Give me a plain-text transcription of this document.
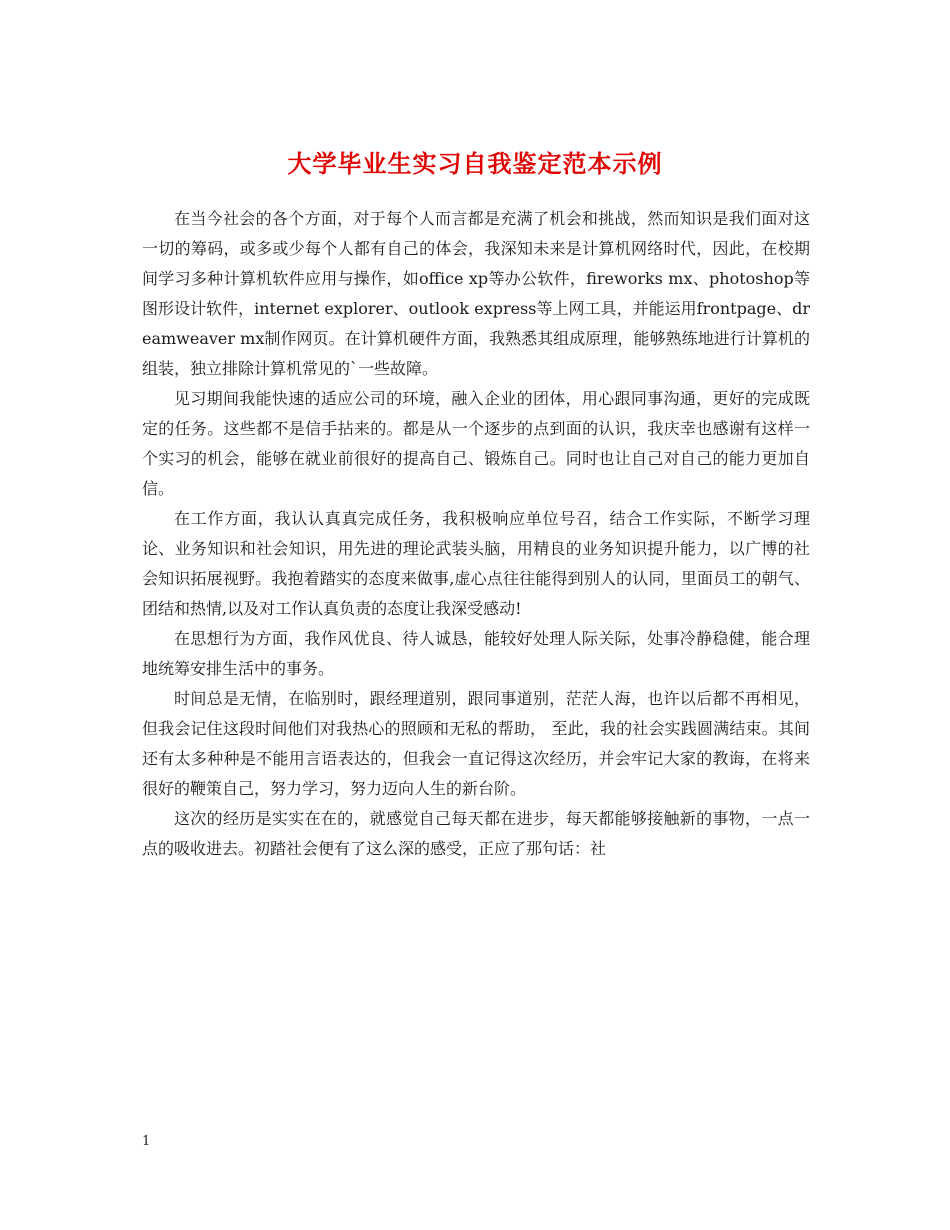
大学毕业生实习自我鉴定范本示例

在当今社会的各个方面，对于每个人而言都是充满了机会和挑战，然而知识是我们面对这一切的筹码，或多或少每个人都有自己的体会，我深知未来是计算机网络时代，因此，在校期间学习多种计算机软件应用与操作，如office xp等办公软件，fireworks mx、photoshop等图形设计软件，internet explorer、outlook express等上网工具，并能运用frontpage、dreamweaver mx制作网页。在计算机硬件方面，我熟悉其组成原理，能够熟练地进行计算机的组装，独立排除计算机常见的`一些故障。

见习期间我能快速的适应公司的环境，融入企业的团体，用心跟同事沟通，更好的完成既定的任务。这些都不是信手拈来的。都是从一个逐步的点到面的认识，我庆幸也感谢有这样一个实习的机会，能够在就业前很好的提高自己、锻炼自己。同时也让自己对自己的能力更加自信。

在工作方面，我认认真真完成任务，我积极响应单位号召，结合工作实际，不断学习理论、业务知识和社会知识，用先进的理论武装头脑，用精良的业务知识提升能力，以广博的社会知识拓展视野。我抱着踏实的态度来做事,虚心点往往能得到别人的认同，里面员工的朝气、团结和热情,以及对工作认真负责的态度让我深受感动!

在思想行为方面，我作风优良、待人诚恳，能较好处理人际关际，处事冷静稳健，能合理地统筹安排生活中的事务。

时间总是无情，在临别时，跟经理道别，跟同事道别，茫茫人海，也许以后都不再相见，但我会记住这段时间他们对我热心的照顾和无私的帮助， 至此，我的社会实践圆满结束。其间还有太多种种是不能用言语表达的，但我会一直记得这次经历，并会牢记大家的教诲，在将来很好的鞭策自己，努力学习，努力迈向人生的新台阶。

这次的经历是实实在在的，就感觉自己每天都在进步，每天都能够接触新的事物，一点一点的吸收进去。初踏社会便有了这么深的感受，正应了那句话：社

1
